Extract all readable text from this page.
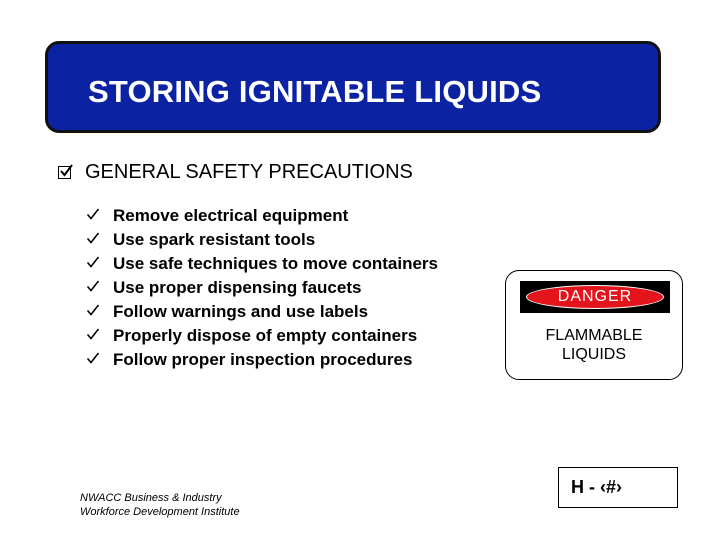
STORING IGNITABLE LIQUIDS
GENERAL SAFETY PRECAUTIONS
Remove electrical equipment
Use spark resistant tools
Use safe techniques to move containers
Use proper dispensing faucets
Follow warnings and use labels
Properly dispose of empty containers
Follow proper inspection procedures
DANGER
FLAMMABLE
LIQUIDS
H - ‹#›
NWACC Business & Industry
Workforce Development Institute
